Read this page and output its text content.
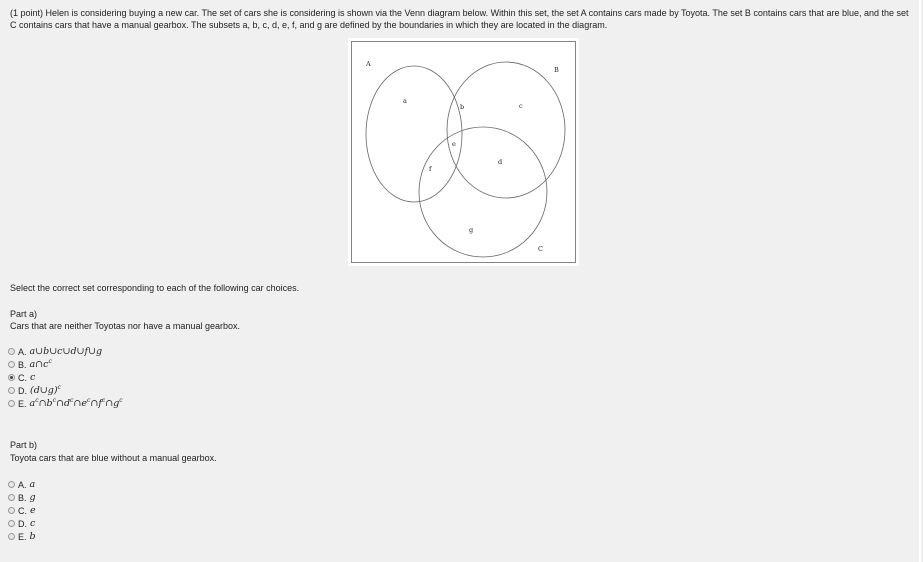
(1 point) Helen is considering buying a new car. The set of cars she is considering is shown via the Venn diagram below. Within this set, the set A contains cars made by Toyota. The set B contains cars that are blue, and the set C contains cars that have a manual gearbox. The subsets a, b, c, d, e, f, and g are defined by the boundaries in which they are located in the diagram.
A
B
C
a
b	c
d
e
f
g
Select the correct set corresponding to each of the following car choices.
Part a)
Cars that are neither Toyotas nor have a manual gearbox.
A. a∪b∪c∪d∪f∪g
B. $a\cap c^c$
C. c
D. (d∪g)$^c$
E. $a^c\cap b^c\cap d^c\cap e^c\cap f^c\cap g^c$
Part b)
Toyota cars that are blue without a manual gearbox.
A. a
B. g
C. e
D. c
E. b
